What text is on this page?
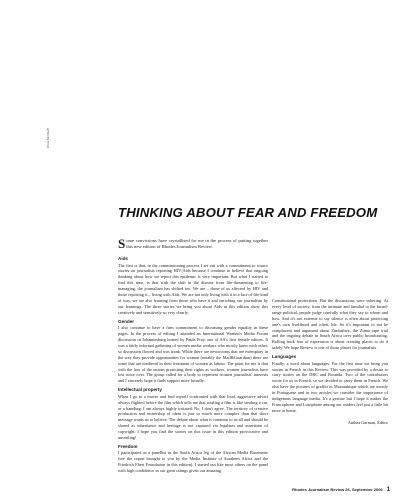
Chris Kirchhoff
THINKING ABOUT FEAR AND FREEDOM

Some convictions have crystallised for me in the process of putting together this new edition of Rhodes Journalism Review.

Aids

The first is that, in the commissioning process I set out with a commitment to source stories on journalists reporting HIV/Aids because I continue to believe that ongoing thinking about how we report this epidemic is very important. But what I started to find this time, is that with the shift in the disease from life-threatening to life-managing, the journalism has shifted too. We are – those of us affected by HIV and those reporting it – living with Aids. We are not only living with it in a fact-of-life kind of way, we are also learning from those who have it and enriching our journalism by our learnings. The three stories we bring you about Aids in this edition show this creatively and sensitively so very clearly.

Gender

I also continue to have a firm commitment to discussing gender equality in these pages. In the process of editing I attended an International Women's Media Forum discussion in Johannesburg hosted by Paula Fray, one of SA's first female editors. It was a fairly informal gathering of women media workers who mostly knew each other, so discussion flowed and was frank. While there are newsrooms that are exemplary in the way they provide opportunities for women (notably the Mail&Guardian) there are some that are medieval in their treatment of women as labour. The point for me is that with the loss of the unions protecting their rights as workers, women journalists have lost twice over. The group called for a body to represent women journalists' interests and I sincerely hope it finds support more broadly.

Intellectual property

When I go to a movie and find myself confronted with that loud, aggressive advert always flighted before the film which tells me that stealing a film is like stealing a car, or a handbag, I am always highly irritated. No, I don't agree. The territory of creative production and ownership of ideas is just so much more complex than that short message wants us to believe. The debate about what is common to us all and should be shared as inheritance and heritage is not captured via legalism and assertions of copyright. I hope you find the stories on this issue in this edition provocative and unsettling!

Freedom

I participated as a panellist in the South Africa leg of the African Media Barometer (see the report brought to you by the Media Institute of Southern Africa and the Friedrich Ebert Foundation in this edition). I started out like most others on the panel with high confidence in our great ratings given our amazing

Constitutional protections. But the discussions were sobering. At every level of society, from the intimate and familial to the broad-range political, people judge carefully what they say to whom and how. And it's not extreme to say silence is often about protecting one's own livelihood and often, life. So it's important to not be complacent and argument about Zimbabwe, the Zuma rape trial and the ongoing debate in South Africa over public broadcasting. Rolling back fear of expression is about creating places to do it safely. We hope Review is one of those places for journalists.

Languages

Finally, a word about languages. For the first time we bring you stories in French in this Review. This was provided by a desire to carry stories on the DRC and Rwanda. Two of the contributors wrote for us in French, so we decided to carry them in French. We also have the pictures of graffiti in Mozambique which are mostly in Portuguese and in two articles we consider the importance of indigenous language media. It's a gesture but I hope it makes the Francophone and Lusophone among our readers feel just a little bit more at home.

Anthea Garman, Editor

Rhodes Journalism Review 26, September 2006 1
